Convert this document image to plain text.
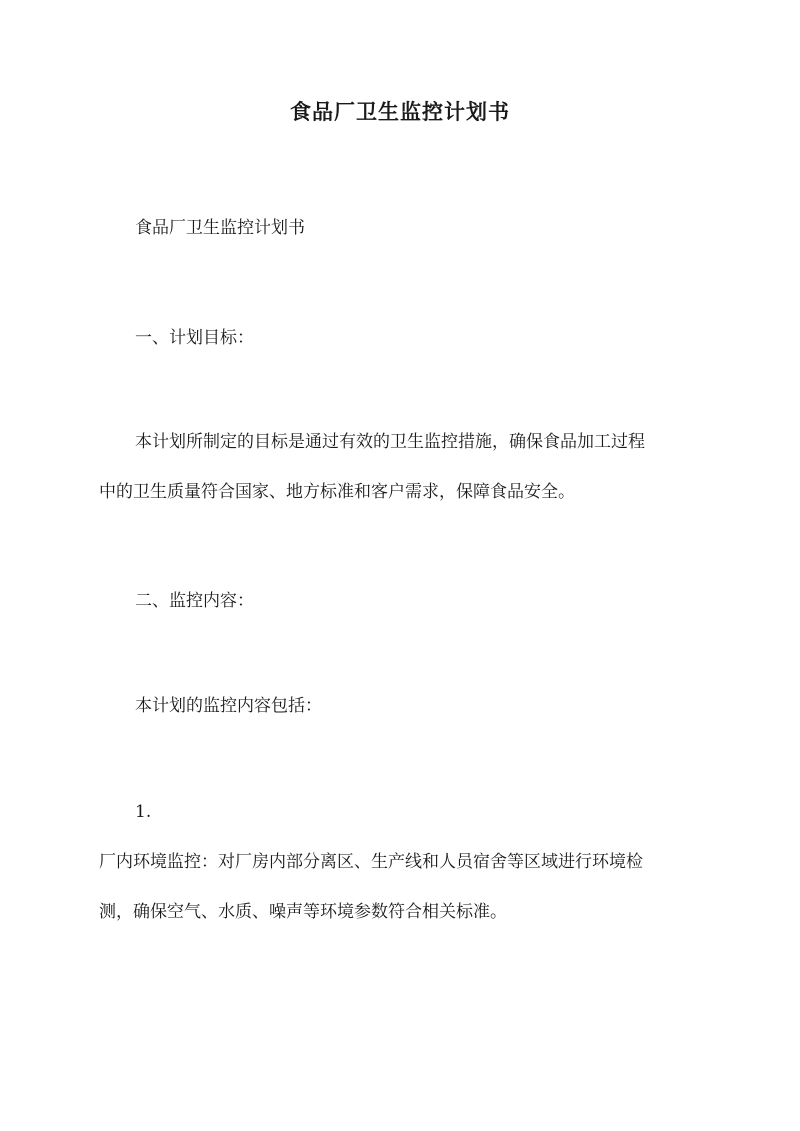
食品厂卫生监控计划书

食品厂卫生监控计划书

一、计划目标：

本计划所制定的目标是通过有效的卫生监控措施，确保食品加工过程

中的卫生质量符合国家、地方标准和客户需求，保障食品安全。

二、监控内容：

本计划的监控内容包括：

1.

厂内环境监控：对厂房内部分离区、生产线和人员宿舍等区域进行环境检

测，确保空气、水质、噪声等环境参数符合相关标准。
